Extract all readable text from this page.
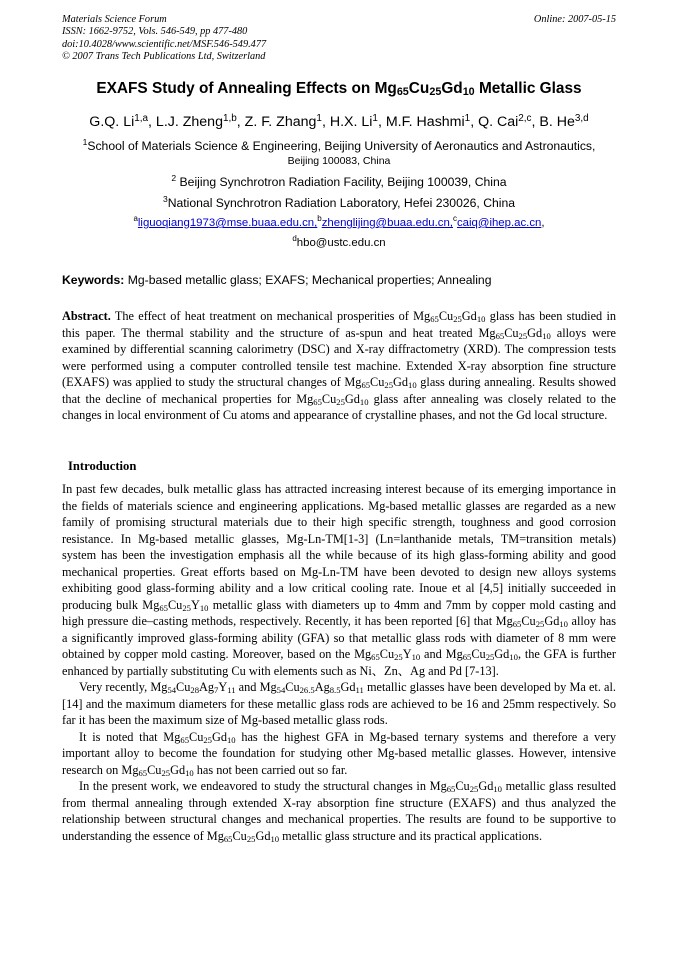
Materials Science Forum
ISSN: 1662-9752, Vols. 546-549, pp 477-480
doi:10.4028/www.scientific.net/MSF.546-549.477
© 2007 Trans Tech Publications Ltd, Switzerland
Online: 2007-05-15
EXAFS Study of Annealing Effects on $Mg_{65}Cu_{25}Gd_{10}$ Metallic Glass
G.Q. Li$^{1,a}$, L.J. Zheng$^{1,b}$, Z. F. Zhang$^1$, H.X. Li$^1$, M.F. Hashmi$^1$, Q. Cai$^{2,c}$, B. He$^{3,d}$
$^1$School of Materials Science & Engineering, Beijing University of Aeronautics and Astronautics,
Beijing 100083, China
$^2$ Beijing Synchrotron Radiation Facility, Beijing 100039, China
$^3$National Synchrotron Radiation Laboratory, Hefei 230026, China
$^a$liguoqiang1973@mse.buaa.edu.cn,$^b$zhenglijing@buaa.edu.cn,$^c$caiq@ihep.ac.cn,
$^d$hbo@ustc.edu.cn
Keywords: Mg-based metallic glass; EXAFS; Mechanical properties; Annealing
Abstract. The effect of heat treatment on mechanical prosperities of $Mg_{65}Cu_{25}Gd_{10}$ glass has been studied in this paper. The thermal stability and the structure of as-spun and heat treated $Mg_{65}Cu_{25}Gd_{10}$ alloys were examined by differential scanning calorimetry (DSC) and X-ray diffractometry (XRD). The compression tests were performed using a computer controlled tensile test machine. Extended X-ray absorption fine structure (EXAFS) was applied to study the structural changes of $Mg_{65}Cu_{25}Gd_{10}$ glass during annealing. Results showed that the decline of mechanical properties for $Mg_{65}Cu_{25}Gd_{10}$ glass after annealing was closely related to the changes in local environment of Cu atoms and appearance of crystalline phases, and not the Gd local structure.
Introduction

In past few decades, bulk metallic glass has attracted increasing interest because of its emerging importance in the fields of materials science and engineering applications. Mg-based metallic glasses are regarded as a new family of promising structural materials due to their high specific strength, toughness and good corrosion resistance. In Mg-based metallic glasses, Mg-Ln-TM[1-3] (Ln=lanthanide metals, TM=transition metals) system has been the investigation emphasis all the while because of its high glass-forming ability and good mechanical properties. Great efforts based on Mg-Ln-TM have been devoted to design new alloys systems exhibiting good glass-forming ability and a low critical cooling rate. Inoue et al [4,5] initially succeeded in producing bulk $Mg_{65}Cu_{25}Y_{10}$ metallic glass with diameters up to 4mm and 7mm by copper mold casting and high pressure die–casting methods, respectively. Recently, it has been reported [6] that $Mg_{65}Cu_{25}Gd_{10}$ alloy has a significantly improved glass-forming ability (GFA) so that metallic glass rods with diameter of 8 mm were obtained by copper mold casting. Moreover, based on the $Mg_{65}Cu_{25}Y_{10}$ and $Mg_{65}Cu_{25}Gd_{10}$, the GFA is further enhanced by partially substituting Cu with elements such as Ni、Zn、Ag and Pd [7-13].

Very recently, $Mg_{54}Cu_{28}Ag_7Y_{11}$ and $Mg_{54}Cu_{26.5}Ag_{8.5}Gd_{11}$ metallic glasses have been developed by Ma et. al. [14] and the maximum diameters for these metallic glass rods are achieved to be 16 and 25mm respectively. So far it has been the maximum size of Mg-based metallic glass rods.

It is noted that $Mg_{65}Cu_{25}Gd_{10}$ has the highest GFA in Mg-based ternary systems and therefore a very important alloy to become the foundation for studying other Mg-based metallic glasses. However, intensive research on $Mg_{65}Cu_{25}Gd_{10}$ has not been carried out so far.

In the present work, we endeavored to study the structural changes in $Mg_{65}Cu_{25}Gd_{10}$ metallic glass resulted from thermal annealing through extended X-ray absorption fine structure (EXAFS) and thus analyzed the relationship between structural changes and mechanical properties. The results are found to be supportive to understanding the essence of $Mg_{65}Cu_{25}Gd_{10}$ metallic glass structure and its practical applications.
